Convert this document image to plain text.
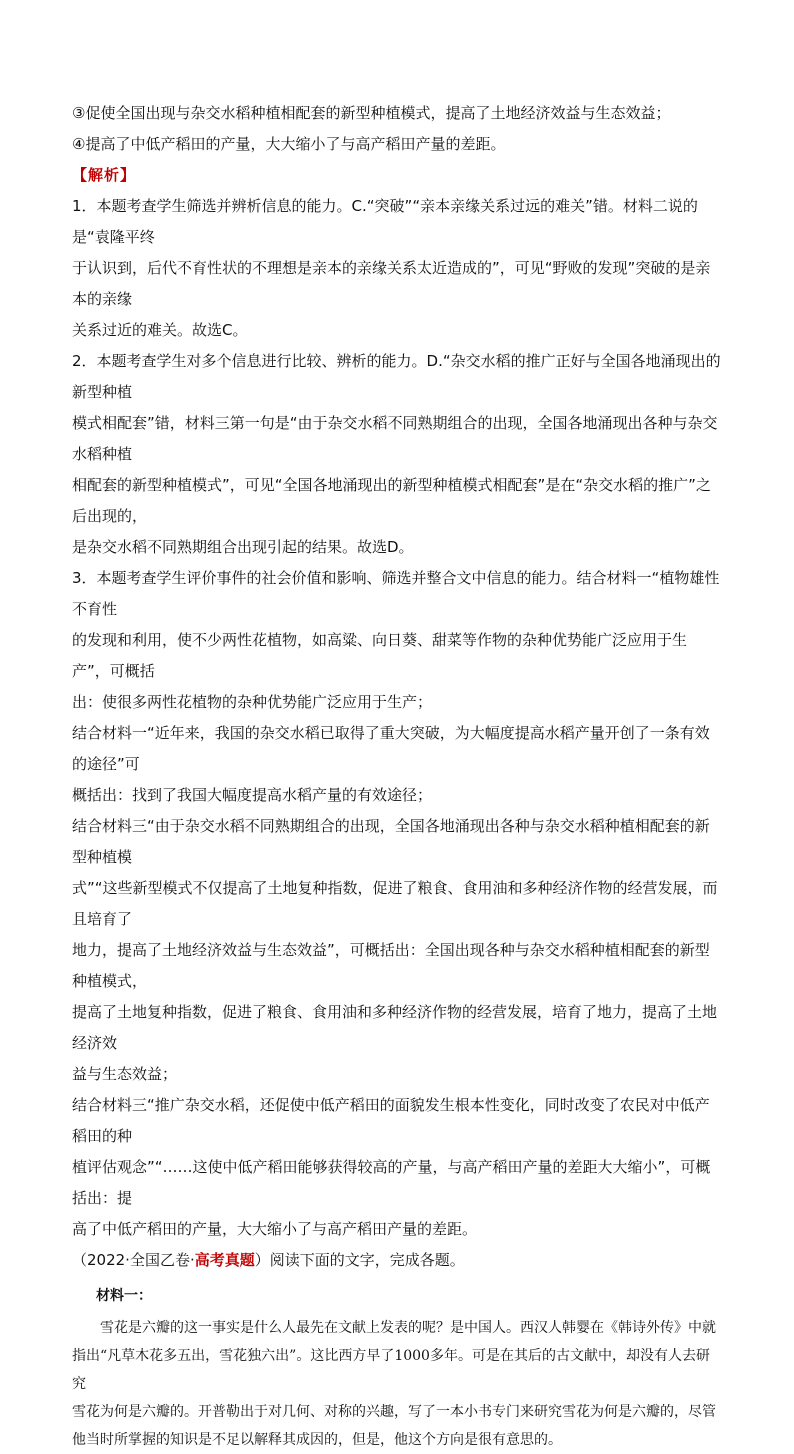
③促使全国出现与杂交水稻种植相配套的新型种植模式，提高了土地经济效益与生态效益；

④提高了中低产稻田的产量，大大缩小了与高产稻田产量的差距。

【解析】

1．本题考查学生筛选并辨析信息的能力。C.“突破”“亲本亲缘关系过远的难关”错。材料二说的是“袁隆平终

于认识到，后代不育性状的不理想是亲本的亲缘关系太近造成的”，可见“野败的发现”突破的是亲本的亲缘

关系过近的难关。故选C。

2．本题考查学生对多个信息进行比较、辨析的能力。D.“杂交水稻的推广正好与全国各地涌现出的新型种植

模式相配套”错，材料三第一句是“由于杂交水稻不同熟期组合的出现，全国各地涌现出各种与杂交水稻种植

相配套的新型种植模式”，可见“全国各地涌现出的新型种植模式相配套”是在“杂交水稻的推广”之后出现的，

是杂交水稻不同熟期组合出现引起的结果。故选D。

3．本题考查学生评价事件的社会价值和影响、筛选并整合文中信息的能力。结合材料一“植物雄性不育性

的发现和利用，使不少两性花植物，如高粱、向日葵、甜菜等作物的杂种优势能广泛应用于生产”，可概括

出：使很多两性花植物的杂种优势能广泛应用于生产；

结合材料一“近年来，我国的杂交水稻已取得了重大突破，为大幅度提高水稻产量开创了一条有效的途径”可

概括出：找到了我国大幅度提高水稻产量的有效途径；

结合材料三“由于杂交水稻不同熟期组合的出现，全国各地涌现出各种与杂交水稻种植相配套的新型种植模

式”“这些新型模式不仅提高了土地复种指数，促进了粮食、食用油和多种经济作物的经营发展，而且培育了

地力，提高了土地经济效益与生态效益”，可概括出：全国出现各种与杂交水稻种植相配套的新型种植模式，

提高了土地复种指数，促进了粮食、食用油和多种经济作物的经营发展，培育了地力，提高了土地经济效

益与生态效益；

结合材料三“推广杂交水稻，还促使中低产稻田的面貌发生根本性变化，同时改变了农民对中低产稻田的种

植评估观念”“……这使中低产稻田能够获得较高的产量，与高产稻田产量的差距大大缩小”，可概括出：提

高了中低产稻田的产量，大大缩小了与高产稻田产量的差距。

（2022·全国乙卷·高考真题）阅读下面的文字，完成各题。

材料一：

雪花是六瓣的这一事实是什么人最先在文献上发表的呢？是中国人。西汉人韩婴在《韩诗外传》中就

指出“凡草木花多五出，雪花独六出”。这比西方早了1000多年。可是在其后的古文献中，却没有人去研究

雪花为何是六瓣的。开普勒出于对几何、对称的兴趣，写了一本小书专门来研究雪花为何是六瓣的，尽管

他当时所掌握的知识是不足以解释其成因的，但是，他这个方向是很有意思的。
